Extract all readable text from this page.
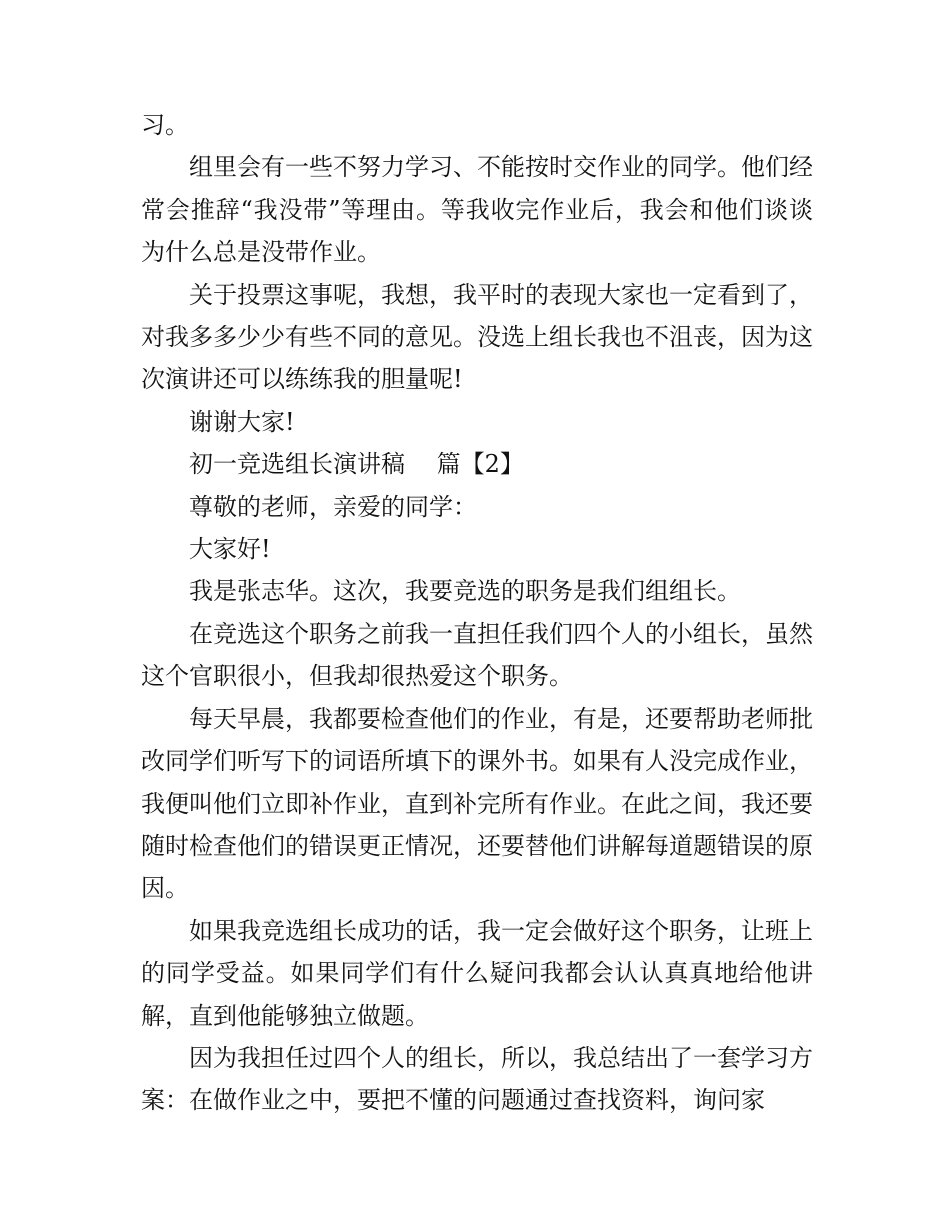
习。

组里会有一些不努力学习、不能按时交作业的同学。他们经常会推辞“我没带”等理由。等我收完作业后，我会和他们谈谈为什么总是没带作业。

关于投票这事呢，我想，我平时的表现大家也一定看到了，对我多多少少有些不同的意见。没选上组长我也不沮丧，因为这次演讲还可以练练我的胆量呢!

谢谢大家!

初一竞选组长演讲稿　 篇【2】

尊敬的老师，亲爱的同学：

大家好!

我是张志华。这次，我要竞选的职务是我们组组长。

在竞选这个职务之前我一直担任我们四个人的小组长，虽然这个官职很小，但我却很热爱这个职务。

每天早晨，我都要检查他们的作业，有是，还要帮助老师批改同学们听写下的词语所填下的课外书。如果有人没完成作业，我便叫他们立即补作业，直到补完所有作业。在此之间，我还要随时检查他们的错误更正情况，还要替他们讲解每道题错误的原因。

如果我竞选组长成功的话，我一定会做好这个职务，让班上的同学受益。如果同学们有什么疑问我都会认认真真地给他讲解，直到他能够独立做题。

因为我担任过四个人的组长，所以，我总结出了一套学习方案：在做作业之中，要把不懂的问题通过查找资料，询问家
